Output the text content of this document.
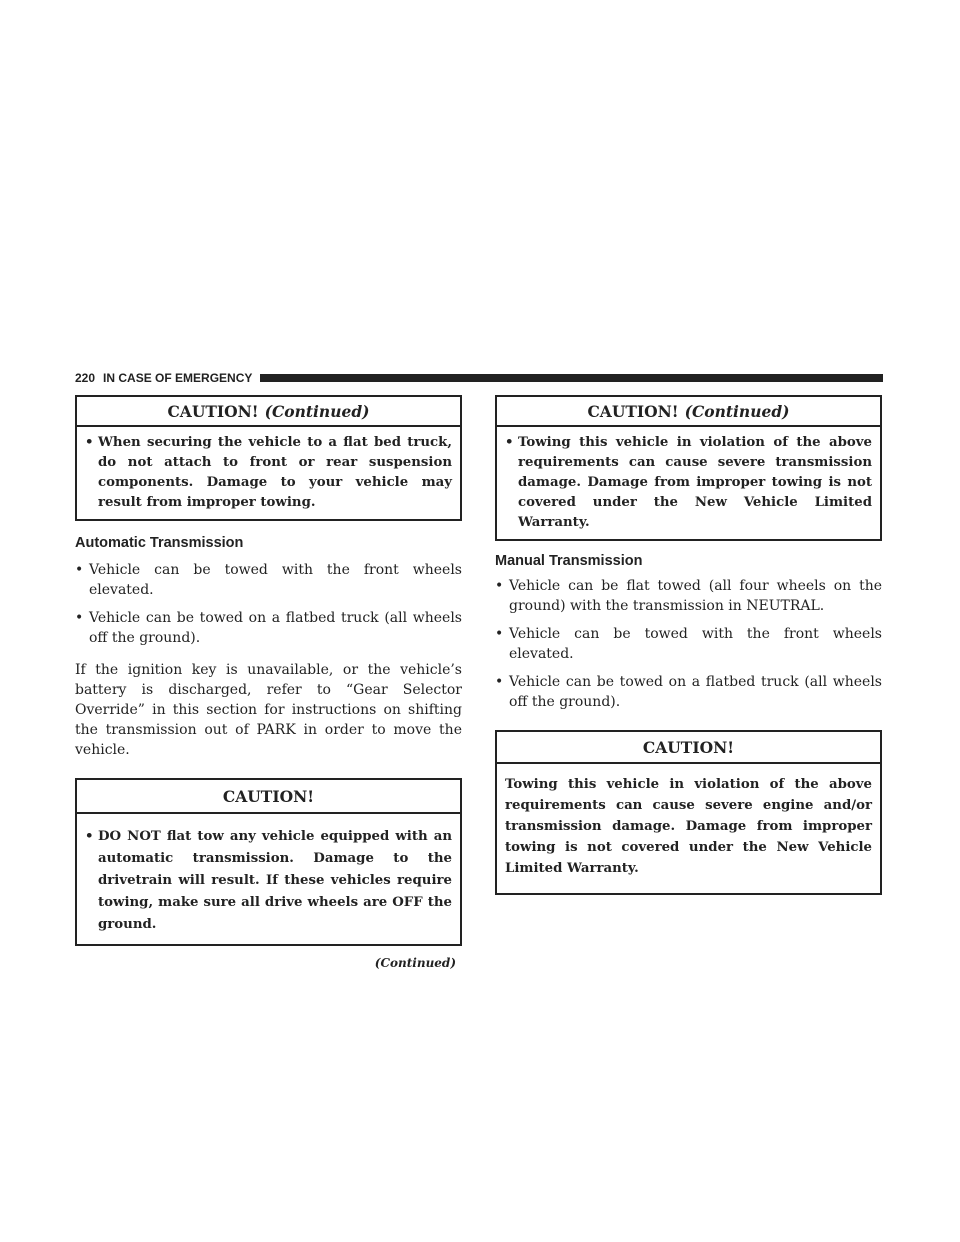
220 IN CASE OF EMERGENCY
CAUTION! (Continued)
• When securing the vehicle to a flat bed truck, do not attach to front or rear suspension components. Damage to your vehicle may result from improper towing.
Automatic Transmission
• Vehicle can be towed with the front wheels elevated.
• Vehicle can be towed on a flatbed truck (all wheels off the ground).

If the ignition key is unavailable, or the vehicle’s battery is discharged, refer to “Gear Selector Override” in this section for instructions on shifting the transmission out of PARK in order to move the vehicle.

CAUTION!
• DO NOT flat tow any vehicle equipped with an automatic transmission. Damage to the drivetrain will result. If these vehicles require towing, make sure all drive wheels are OFF the ground.
(Continued)
CAUTION! (Continued)
• Towing this vehicle in violation of the above requirements can cause severe transmission damage. Damage from improper towing is not covered under the New Vehicle Limited Warranty.
Manual Transmission
• Vehicle can be flat towed (all four wheels on the ground) with the transmission in NEUTRAL.
• Vehicle can be towed with the front wheels elevated.
• Vehicle can be towed on a flatbed truck (all wheels off the ground).
CAUTION!
Towing this vehicle in violation of the above requirements can cause severe engine and/or transmission damage. Damage from improper towing is not covered under the New Vehicle Limited Warranty.
